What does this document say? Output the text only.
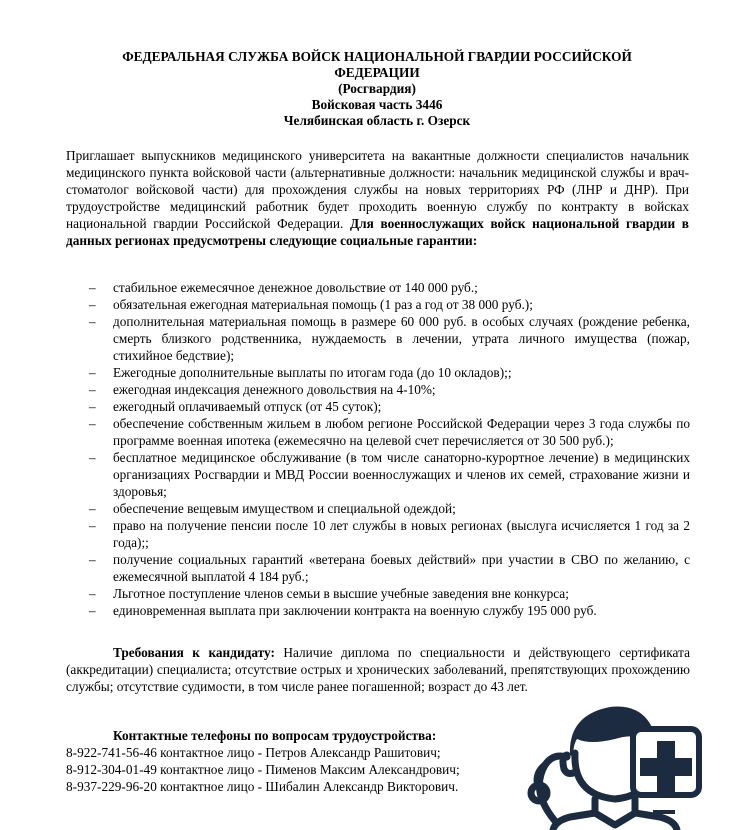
ФЕДЕРАЛЬНАЯ СЛУЖБА ВОЙСК НАЦИОНАЛЬНОЙ ГВАРДИИ РОССИЙСКОЙ
ФЕДЕРАЦИИ
(Росгвардия)
Войсковая часть 3446
Челябинская область г. Озерск
Приглашает выпускников медицинского университета на вакантные должности специалистов начальник медицинского пункта войсковой части (альтернативные должности: начальник медицинской службы и врач-стоматолог войсковой части) для прохождения службы на новых территориях РФ (ЛНР и ДНР). При трудоустройстве медицинский работник будет проходить военную службу по контракту в войсках национальной гвардии Российской Федерации. Для военнослужащих войск национальной гвардии в данных регионах предусмотрены следующие социальные гарантии:
– стабильное ежемесячное денежное довольствие от 140 000 руб.;
– обязательная ежегодная материальная помощь (1 раз а год от 38 000 руб.);
– дополнительная материальная помощь в размере 60 000 руб. в особых случаях (рождение ребенка, смерть близкого родственника, нуждаемость в лечении, утрата личного имущества (пожар, стихийное бедствие);
– Ежегодные дополнительные выплаты по итогам года (до 10 окладов);;
– ежегодная индексация денежного довольствия на 4-10%;
– ежегодный оплачиваемый отпуск (от 45 суток);
– обеспечение собственным жильем в любом регионе Российской Федерации через 3 года службы по программе военная ипотека (ежемесячно на целевой счет перечисляется от 30 500 руб.);
– бесплатное медицинское обслуживание (в том числе санаторно-курортное лечение) в медицинских организациях Росгвардии и МВД России военнослужащих и членов их семей, страхование жизни и здоровья;
– обеспечение вещевым имуществом и специальной одеждой;
– право на получение пенсии после 10 лет службы в новых регионах (выслуга исчисляется 1 год за 2 года);;
– получение социальных гарантий «ветерана боевых действий» при участии в СВО по желанию, с ежемесячной выплатой 4 184 руб.;
– Льготное поступление членов семьи в высшие учебные заведения вне конкурса;
– единовременная выплата при заключении контракта на военную службу 195 000 руб.
Требования к кандидату: Наличие диплома по специальности и действующего сертификата (аккредитации) специалиста; отсутствие острых и хронических заболеваний, препятствующих прохождению службы; отсутствие судимости, в том числе ранее погашенной; возраст до 43 лет.
Контактные телефоны по вопросам трудоустройства:
8-922-741-56-46 контактное лицо - Петров Александр Рашитович;
8-912-304-01-49 контактное лицо - Пименов Максим Александрович;
8-937-229-96-20 контактное лицо - Шибалин Александр Викторович.
